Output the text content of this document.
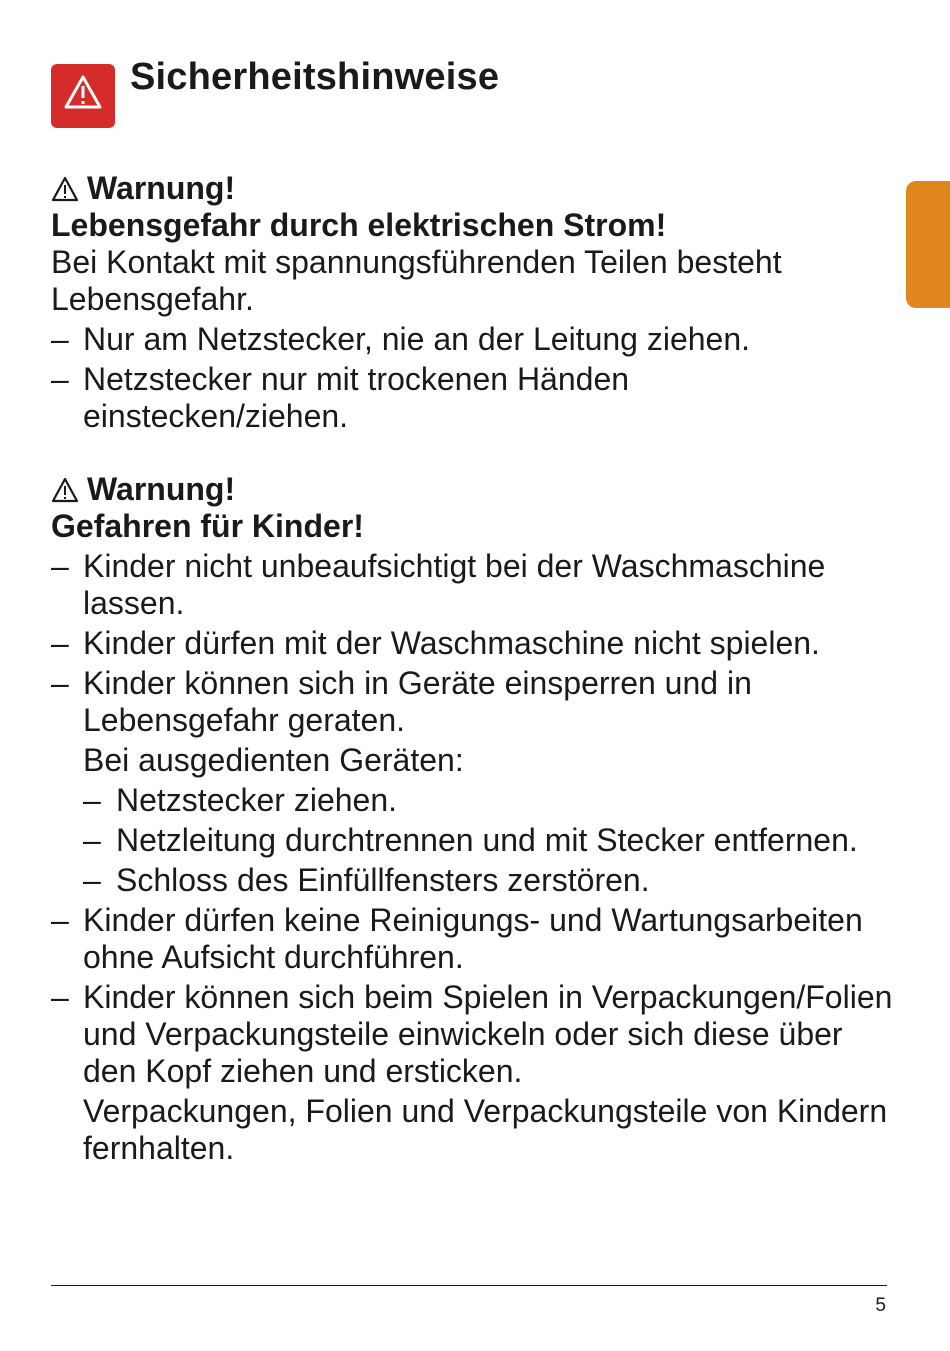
Sicherheitshinweise
Warnung!
Lebensgefahr durch elektrischen Strom!
Bei Kontakt mit spannungsführenden Teilen besteht Lebensgefahr.
– Nur am Netzstecker, nie an der Leitung ziehen.
– Netzstecker nur mit trockenen Händen einstecken/ziehen.
Warnung!
Gefahren für Kinder!
– Kinder nicht unbeaufsichtigt bei der Waschmaschine lassen.
– Kinder dürfen mit der Waschmaschine nicht spielen.
– Kinder können sich in Geräte einsperren und in Lebensgefahr geraten.
Bei ausgedienten Geräten:
– Netzstecker ziehen.
– Netzleitung durchtrennen und mit Stecker entfernen.
– Schloss des Einfüllfensters zerstören.
– Kinder dürfen keine Reinigungs- und Wartungsarbeiten ohne Aufsicht durchführen.
– Kinder können sich beim Spielen in Verpackungen/Folien und Verpackungsteile einwickeln oder sich diese über den Kopf ziehen und ersticken.
Verpackungen, Folien und Verpackungsteile von Kindern fernhalten.
5
